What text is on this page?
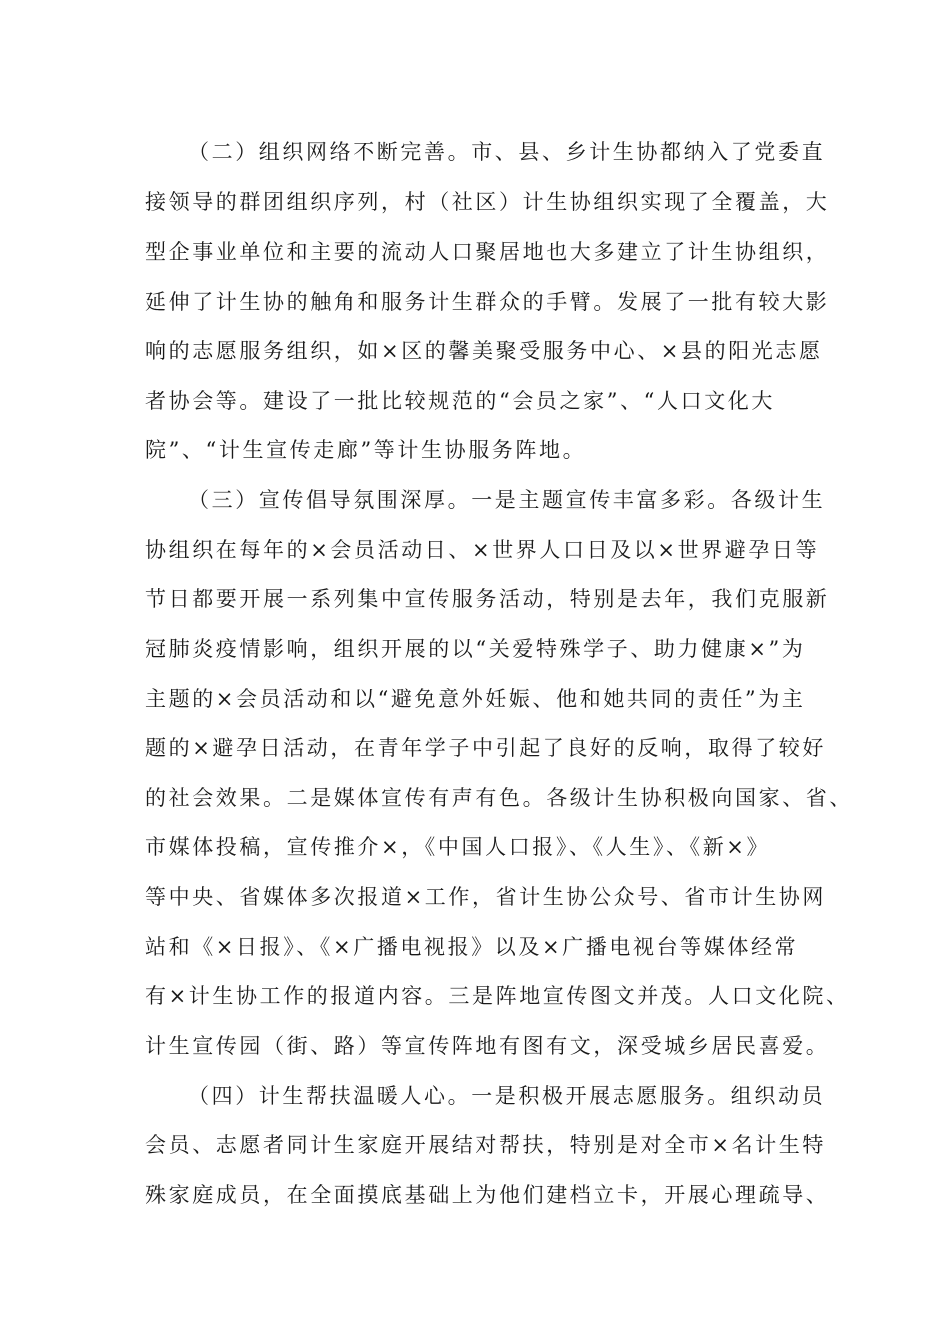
（二）组织网络不断完善。市、县、乡计生协都纳入了党委直
接领导的群团组织序列，村（社区）计生协组织实现了全覆盖，大
型企事业单位和主要的流动人口聚居地也大多建立了计生协组织，
延伸了计生协的触角和服务计生群众的手臂。发展了一批有较大影
响的志愿服务组织，如×区的馨美聚受服务中心、×县的阳光志愿
者协会等。建设了一批比较规范的“会员之家”、“人口文化大
院”、“计生宣传走廊”等计生协服务阵地。
（三）宣传倡导氛围深厚。一是主题宣传丰富多彩。各级计生
协组织在每年的×会员活动日、×世界人口日及以×世界避孕日等
节日都要开展一系列集中宣传服务活动，特别是去年，我们克服新
冠肺炎疫情影响，组织开展的以“关爱特殊学子、助力健康×”为
主题的×会员活动和以“避免意外妊娠、他和她共同的责任”为主
题的×避孕日活动，在青年学子中引起了良好的反响，取得了较好
的社会效果。二是媒体宣传有声有色。各级计生协积极向国家、省、
市媒体投稿，宣传推介×，《中国人口报》、《人生》、《新×》
等中央、省媒体多次报道×工作，省计生协公众号、省市计生协网
站和《×日报》、《×广播电视报》以及×广播电视台等媒体经常
有×计生协工作的报道内容。三是阵地宣传图文并茂。人口文化院、
计生宣传园（街、路）等宣传阵地有图有文，深受城乡居民喜爱。
（四）计生帮扶温暖人心。一是积极开展志愿服务。组织动员
会员、志愿者同计生家庭开展结对帮扶，特别是对全市×名计生特
殊家庭成员，在全面摸底基础上为他们建档立卡，开展心理疏导、
